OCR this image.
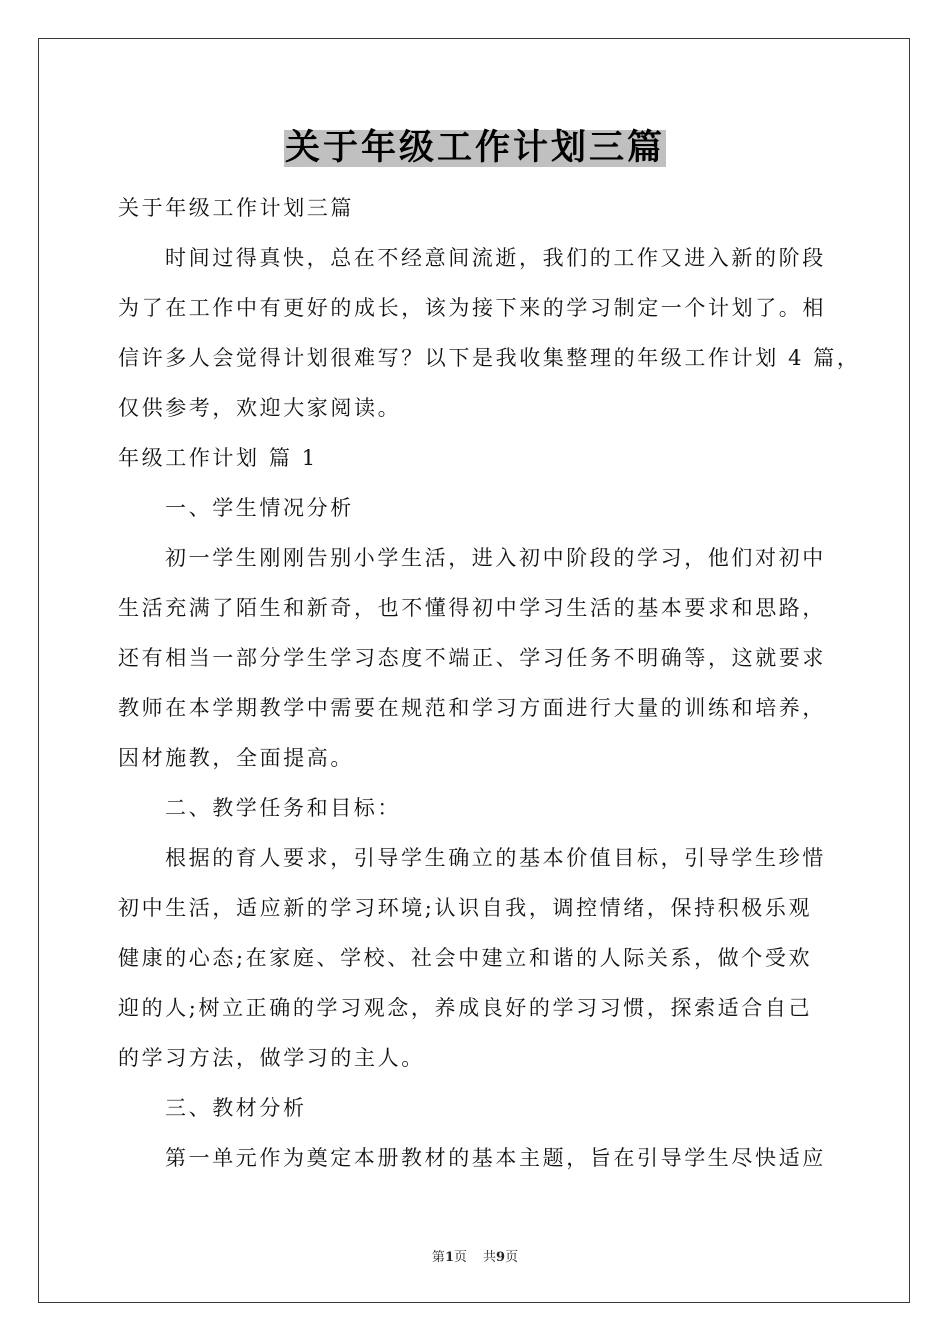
关于年级工作计划三篇
关于年级工作计划三篇
时间过得真快，总在不经意间流逝，我们的工作又进入新的阶段
为了在工作中有更好的成长，该为接下来的学习制定一个计划了。相
信许多人会觉得计划很难写？以下是我收集整理的年级工作计划 4 篇，
仅供参考，欢迎大家阅读。
年级工作计划 篇 1
一、学生情况分析
初一学生刚刚告别小学生活，进入初中阶段的学习，他们对初中
生活充满了陌生和新奇，也不懂得初中学习生活的基本要求和思路，
还有相当一部分学生学习态度不端正、学习任务不明确等，这就要求
教师在本学期教学中需要在规范和学习方面进行大量的训练和培养，
因材施教，全面提高。
二、教学任务和目标：
根据的育人要求，引导学生确立的基本价值目标，引导学生珍惜
初中生活，适应新的学习环境;认识自我，调控情绪，保持积极乐观
健康的心态;在家庭、学校、社会中建立和谐的人际关系，做个受欢
迎的人;树立正确的学习观念，养成良好的学习习惯，探索适合自己
的学习方法，做学习的主人。
三、教材分析
第一单元作为奠定本册教材的基本主题，旨在引导学生尽快适应
第1页 共9页
